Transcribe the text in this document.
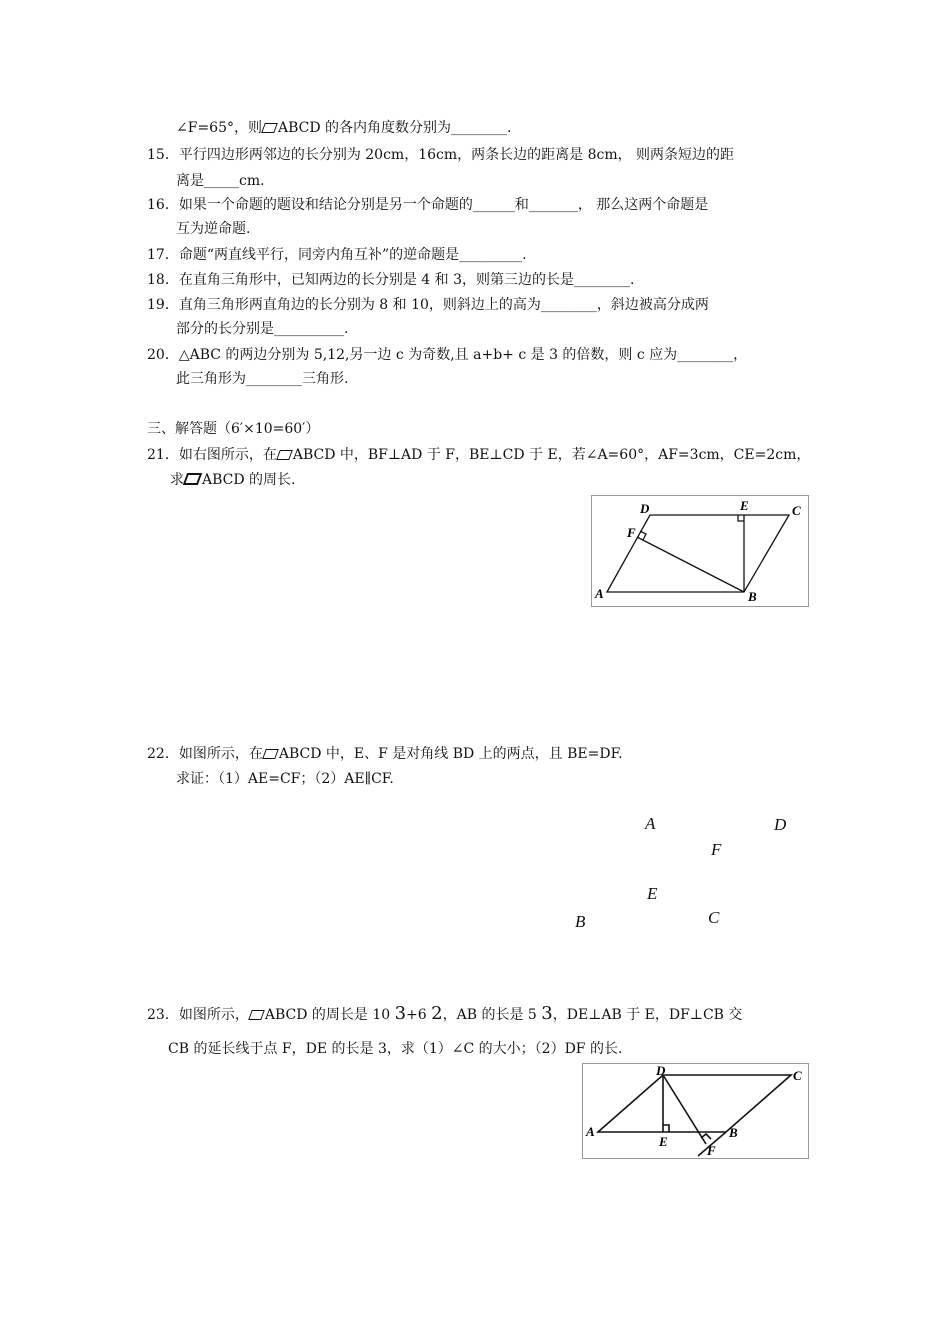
∠F=65°，则 ABCD 的各内角度数分别为________.
15．平行四边形两邻边的长分别为 20cm，16cm，两条长边的距离是 8cm， 则两条短边的距
离是_____cm.
16．如果一个命题的题设和结论分别是另一个命题的______和_______， 那么这两个命题是
互为逆命题.
17．命题“两直线平行，同旁内角互补”的逆命题是_________.
18．在直角三角形中，已知两边的长分别是 4 和 3，则第三边的长是________.
19．直角三角形两直角边的长分别为 8 和 10，则斜边上的高为________，斜边被高分成两
部分的长分别是__________.
20．△ABC 的两边分别为 5,12,另一边 c 为奇数,且 a+b+ c 是 3 的倍数，则 c 应为________，
此三角形为________三角形.
三、解答题（6′×10=60′）
21．如右图所示，在 ABCD 中，BF⊥AD 于 F，BE⊥CD 于 E，若∠A=60°，AF=3cm，CE=2cm，
求 ABCD 的周长.
A	B
C
D	E
F
22．如图所示，在 ABCD 中，E、F 是对角线 BD 上的两点，且 BE=DF.
求证：（1）AE=CF；（2）AE∥CF.
A	D
F
E
C
B
23．如图所示， ABCD 的周长是 10 3+6 2，AB 的长是 5 3，DE⊥AB 于 E，DF⊥CB 交
CB 的延长线于点 F，DE 的长是 3，求（1）∠C 的大小；（2）DF 的长.
A	B
C
D
E
F
